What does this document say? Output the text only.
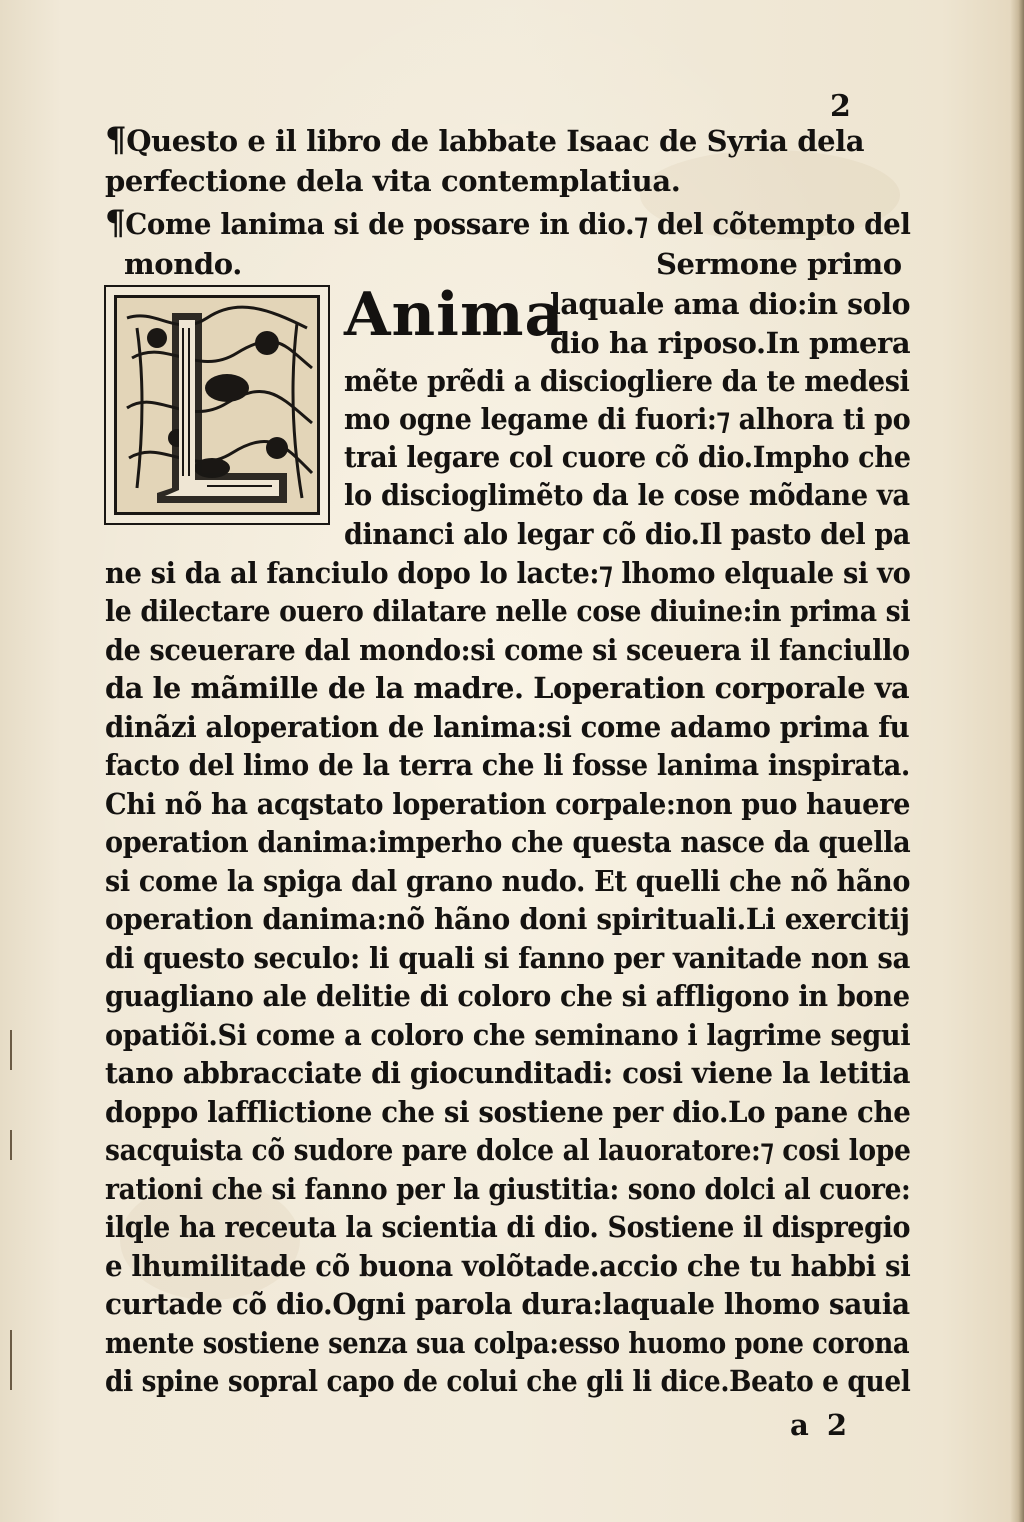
2
¶Questo e il libro de labbate Isaac de Syria dela
perfectione dela vita contemplatiua.
¶Come lanima si de possare in dio.⁊ del cõtempto del
mondo.	Sermone primo
Anima
laquale ama dio:in solo
dio ha riposo.In pmera
mẽte prẽdi a disciogliere da te medesi
mo ogne legame di fuori:⁊ alhora ti po
trai legare col cuore cõ dio.Impho che
lo discioglimẽto da le cose mõdane va
dinanci alo legar cõ dio.Il pasto del pa
ne si da al fanciulo dopo lo lacte:⁊ lhomo elquale si vo
le dilectare ouero dilatare nelle cose diuine:in prima si
de sceuerare dal mondo:si come si sceuera il fanciullo
da le mãmille de la madre. Loperation corporale va
dinãzi aloperation de lanima:si come adamo prima fu
facto del limo de la terra che li fosse lanima inspirata.
Chi nõ ha acqstato loperation corpale:non puo hauere
operation danima:imperho che questa nasce da quella
si come la spiga dal grano nudo. Et quelli che nõ hãno
operation danima:nõ hãno doni spirituali.Li exercitij
di questo seculo: li quali si fanno per vanitade non sa
guagliano ale delitie di coloro che si affligono in bone
opatiõi.Si come a coloro che seminano i lagrime segui
tano abbracciate di giocunditadi: cosi viene la letitia
doppo lafflictione che si sostiene per dio.Lo pane che
sacquista cõ sudore pare dolce al lauoratore:⁊ cosi lope
rationi che si fanno per la giustitia: sono dolci al cuore:
ilqle ha receuta la scientia di dio. Sostiene il dispregio
e lhumilitade cõ buona volõtade.accio che tu habbi si
curtade cõ dio.Ogni parola dura:laquale lhomo sauia
mente sostiene senza sua colpa:esso huomo pone corona
di spine sopral capo de colui che gli li dice.Beato e quel
a 2
